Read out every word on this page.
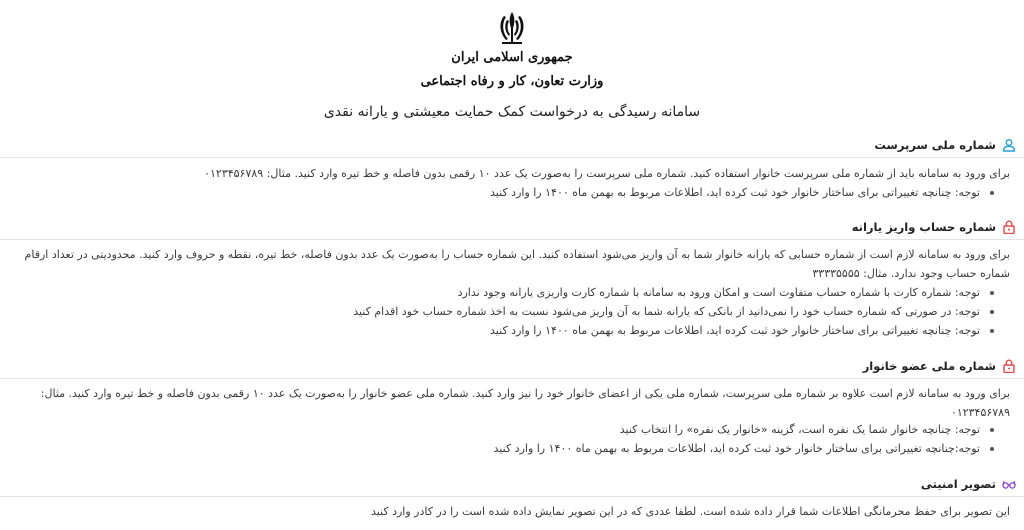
جمهوری اسلامی ایران
وزارت تعاون، کار و رفاه اجتماعی
سامانه رسیدگی به درخواست کمک حمایت معیشتی و یارانه نقدی
شماره ملی سرپرست
برای ورود به سامانه باید از شماره ملی سرپرست خانوار استفاده کنید. شماره ملی سرپرست را به‌صورت یک عدد ۱۰ رقمی بدون فاصله و خط تیره وارد کنید. مثال: ۰۱۲۳۴۵۶۷۸۹
توجه: چنانچه تغییراتی برای ساختار خانوار خود ثبت کرده اید، اطلاعات مربوط به بهمن ماه ۱۴۰۰ را وارد کنید
شماره حساب واریز یارانه
برای ورود به سامانه لازم است از شماره حسابی که یارانه خانوار شما به آن واریز می‌شود استفاده کنید. این شماره حساب را به‌صورت یک عدد بدون فاصله، خط تیره، نقطه و حروف وارد کنید. محدودیتی در تعداد ارقام شماره حساب وجود ندارد. مثال: ۳۳۳۳۵۵۵۵
توجه: شماره کارت با شماره حساب متفاوت است و امکان ورود به سامانه با شماره کارت واریزی یارانه وجود ندارد
توجه: در صورتی که شماره حساب خود را نمی‌دانید از بانکی که یارانه شما به آن واریز می‌شود نسبت به اخذ شماره حساب خود اقدام کنید
توجه: چنانچه تغییراتی برای ساختار خانوار خود ثبت کرده اید، اطلاعات مربوط به بهمن ماه ۱۴۰۰ را وارد کنید
شماره ملی عضو خانوار
برای ورود به سامانه لازم است علاوه بر شماره ملی سرپرست، شماره ملی یکی از اعضای خانوار خود را نیز وارد کنید. شماره ملی عضو خانوار را به‌صورت یک عدد ۱۰ رقمی بدون فاصله و خط تیره وارد کنید. مثال: ۰۱۲۳۴۵۶۷۸۹
توجه: چنانچه خانوار شما یک نفره است، گزینه «خانوار یک نفره» را انتخاب کنید
توجه:چنانچه تغییراتی برای ساختار خانوار خود ثبت کرده اید، اطلاعات مربوط به بهمن ماه ۱۴۰۰ را وارد کنید
تصویر امنیتی
این تصویر برای حفظ محرمانگی اطلاعات شما قرار داده شده است. لطفا عددی که در این تصویر نمایش داده شده است را در کادر وارد کنید
